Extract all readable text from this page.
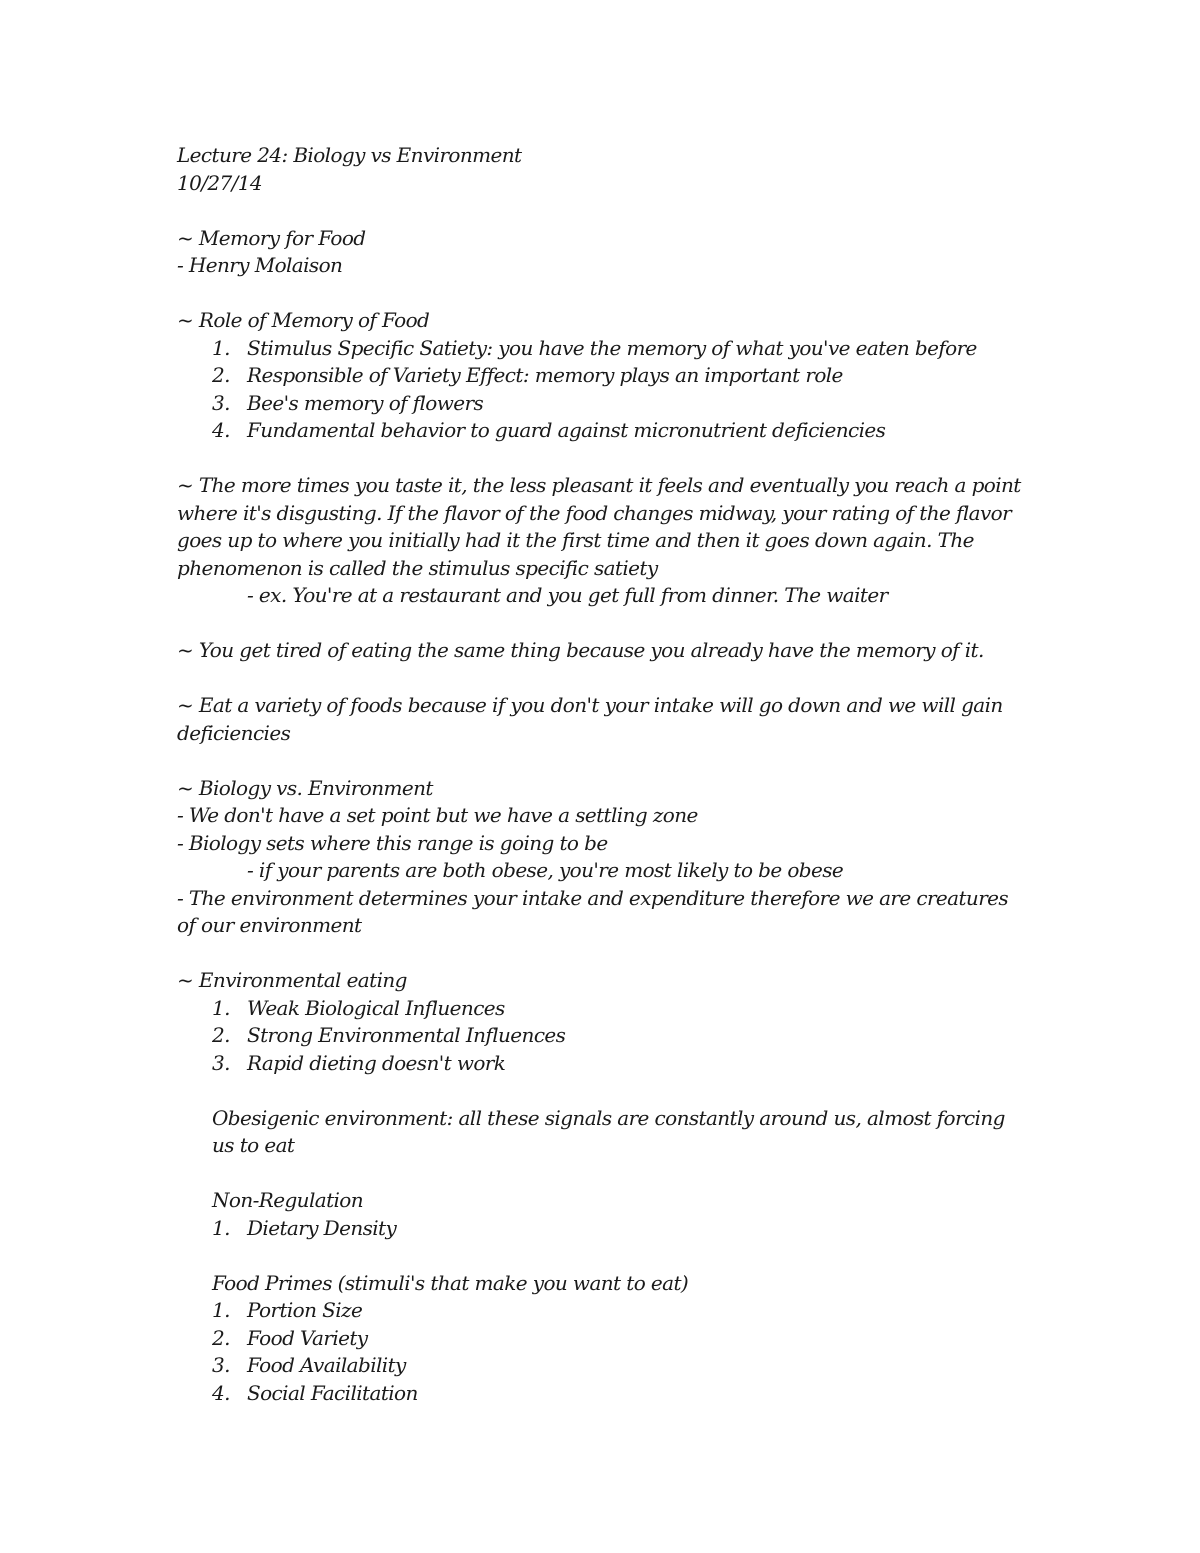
Lecture 24: Biology vs Environment
10/27/14
~ Memory for Food
- Henry Molaison
~ Role of Memory of Food
1. Stimulus Specific Satiety: you have the memory of what you've eaten before
2. Responsible of Variety Effect: memory plays an important role
3. Bee's memory of flowers
4. Fundamental behavior to guard against micronutrient deficiencies
~ The more times you taste it, the less pleasant it feels and eventually you reach a point
where it's disgusting. If the flavor of the food changes midway, your rating of the flavor
goes up to where you initially had it the first time and then it goes down again. The
phenomenon is called the stimulus specific satiety
- ex. You're at a restaurant and you get full from dinner. The waiter
~ You get tired of eating the same thing because you already have the memory of it.
~ Eat a variety of foods because if you don't your intake will go down and we will gain
deficiencies
~ Biology vs. Environment
- We don't have a set point but we have a settling zone
- Biology sets where this range is going to be
- if your parents are both obese, you're most likely to be obese
- The environment determines your intake and expenditure therefore we are creatures
of our environment
~ Environmental eating
1. Weak Biological Influences
2. Strong Environmental Influences
3. Rapid dieting doesn't work
Obesigenic environment: all these signals are constantly around us, almost forcing
us to eat
Non-Regulation
1. Dietary Density
Food Primes (stimuli's that make you want to eat)
1. Portion Size
2. Food Variety
3. Food Availability
4. Social Facilitation
